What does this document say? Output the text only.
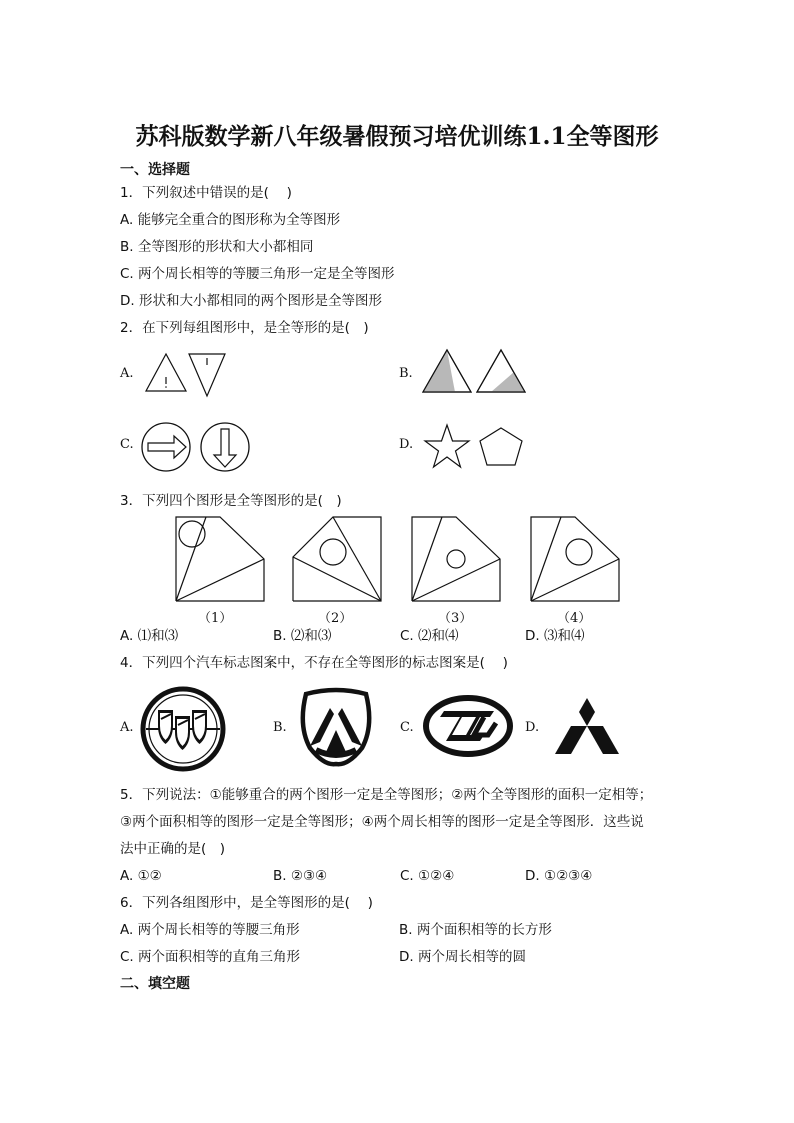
苏科版数学新八年级暑假预习培优训练1.1全等图形
一、选择题
1．下列叙述中错误的是(　 )
A. 能够完全重合的图形称为全等图形
B. 全等图形的形状和大小都相同
C. 两个周长相等的等腰三角形一定是全等图形
D. 形状和大小都相同的两个图形是全等图形
2．在下列每组图形中，是全等形的是(　)
A.	B.
C.	D.
3．下列四个图形是全等图形的是(　)
（1）	（2）	（3）	（4）
A. ⑴和⑶	B. ⑵和⑶	C. ⑵和⑷	D. ⑶和⑷
4．下列四个汽车标志图案中，不存在全等图形的标志图案是(　 )
A.	B.	C.	D.
5．下列说法：①能够重合的两个图形一定是全等图形；②两个全等图形的面积一定相等；
③两个面积相等的图形一定是全等图形；④两个周长相等的图形一定是全等图形．这些说
法中正确的是(　)
A. ①②	B. ②③④	C. ①②④	D. ①②③④
6．下列各组图形中，是全等图形的是(　 )
A. 两个周长相等的等腰三角形	B. 两个面积相等的长方形
C. 两个面积相等的直角三角形	D. 两个周长相等的圆
二、填空题
